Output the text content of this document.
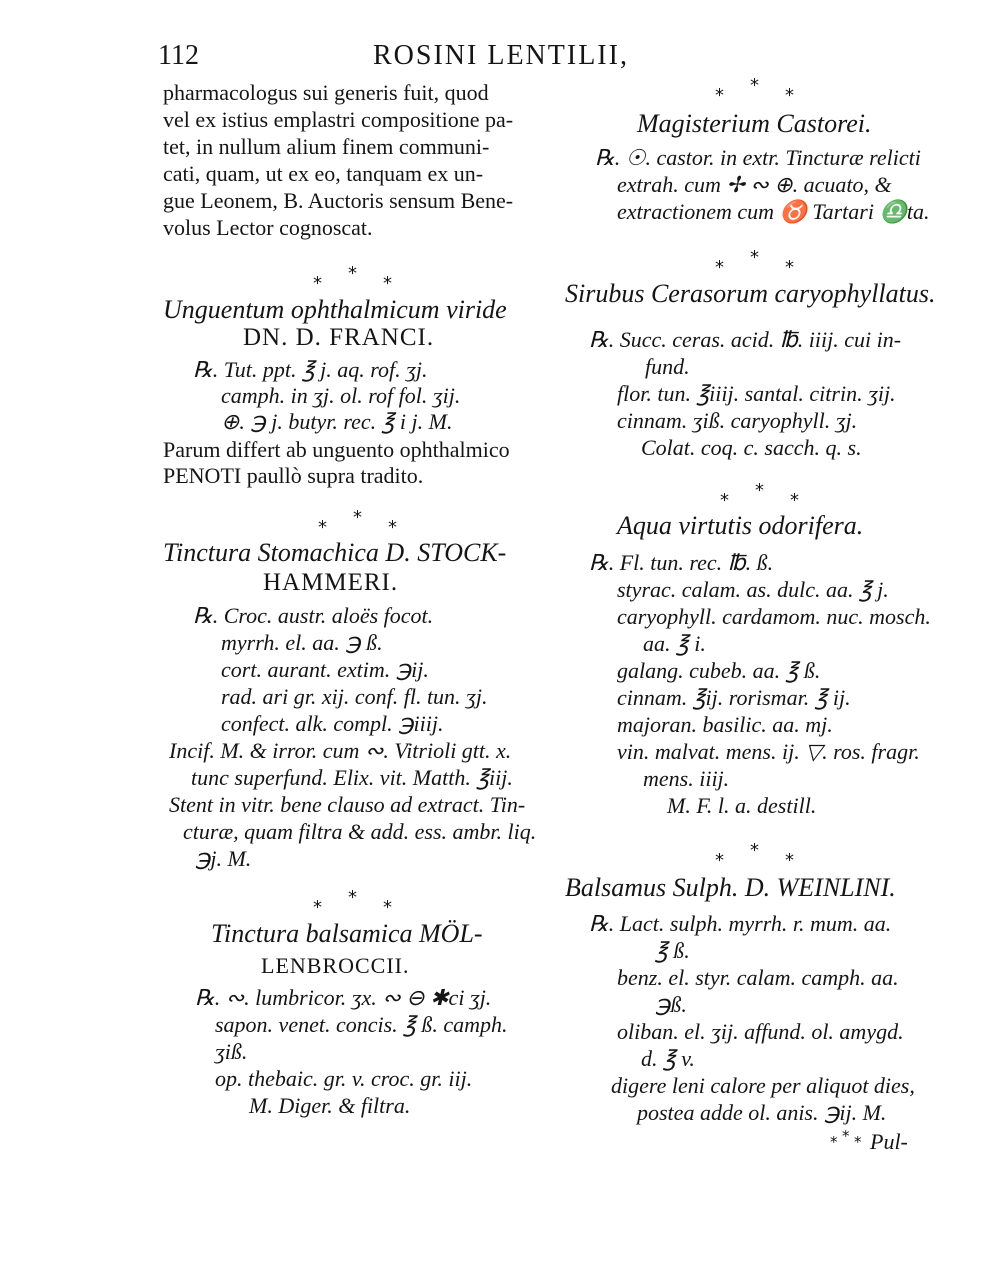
112	ROSINI LENTILII,
pharmacologus sui generis fuit, quod
vel ex istius emplastri compositione pa-
tet, in nullum alium finem communi-
cati, quam, ut ex eo, tanquam ex un-
gue Leonem, B. Auctoris sensum Bene-
volus Lector cognoscat.
* * *
Unguentum ophthalmicum viride
DN. D. FRANCI.
℞. Tut. ppt. ℥ j. aq. rof. ʒj.
camph. in ʒj. ol. rof fol. ʒij.
⊕. ℈ j. butyr. rec. ℥ i j. M.
Parum differt ab unguento ophthalmico
PENOTI paullò supra tradito.
* * *
Tinctura Stomachica D. STOCK-
HAMMERI.
℞. Croc. austr. aloës focot.
myrrh. el. aa. ℈ ß.
cort. aurant. extim. ℈ij.
rad. ari gr. xij. conf. fl. tun. ʒj.
confect. alk. compl. ℈iiij.
Incif. M. & irror. cum ∾. Vitrioli gtt. x.
tunc superfund. Elix. vit. Matth. ℥iij.
Stent in vitr. bene clauso ad extract. Tin-
cturæ, quam filtra & add. ess. ambr. liq.
℈j. M.
* * *
Tinctura balsamica MÖL-
LENBROCCII.
℞. ∾. lumbricor. ʒx. ∾ ⊖ ✱ci ʒj.
sapon. venet. concis. ℥ ß. camph.
ʒiß.
op. thebaic. gr. v. croc. gr. iij.
M. Diger. & filtra.
* * *
Magisterium Castorei.
℞. ☉. castor. in extr. Tincturæ relicti
extrah. cum ✢ ∾ ⊕. acuato, &
extractionem cum ♉ Tartari ♎ta.
* * *
Sirubus Cerasorum caryophyllatus.
℞. Succ. ceras. acid. ℔. iiij. cui in-
fund.
flor. tun. ℥iiij. santal. citrin. ʒij.
cinnam. ʒiß. caryophyll. ʒj.
Colat. coq. c. sacch. q. s.
* * *
Aqua virtutis odorifera.
℞. Fl. tun. rec. ℔. ß.
styrac. calam. as. dulc. aa. ℥ j.
caryophyll. cardamom. nuc. mosch.
aa. ℥ i.
galang. cubeb. aa. ℥ ß.
cinnam. ℥ij. rorismar. ℥ ij.
majoran. basilic. aa. mj.
vin. malvat. mens. ij. ▽. ros. fragr.
mens. iiij.
M. F. l. a. destill.
* * *
Balsamus Sulph. D. WEINLINI.
℞. Lact. sulph. myrrh. r. mum. aa.
℥ ß.
benz. el. styr. calam. camph. aa.
℈ß.
oliban. el. ʒij. affund. ol. amygd.
d. ℥ v.
digere leni calore per aliquot dies,
postea adde ol. anis. ℈ij. M.
* * * Pul-
